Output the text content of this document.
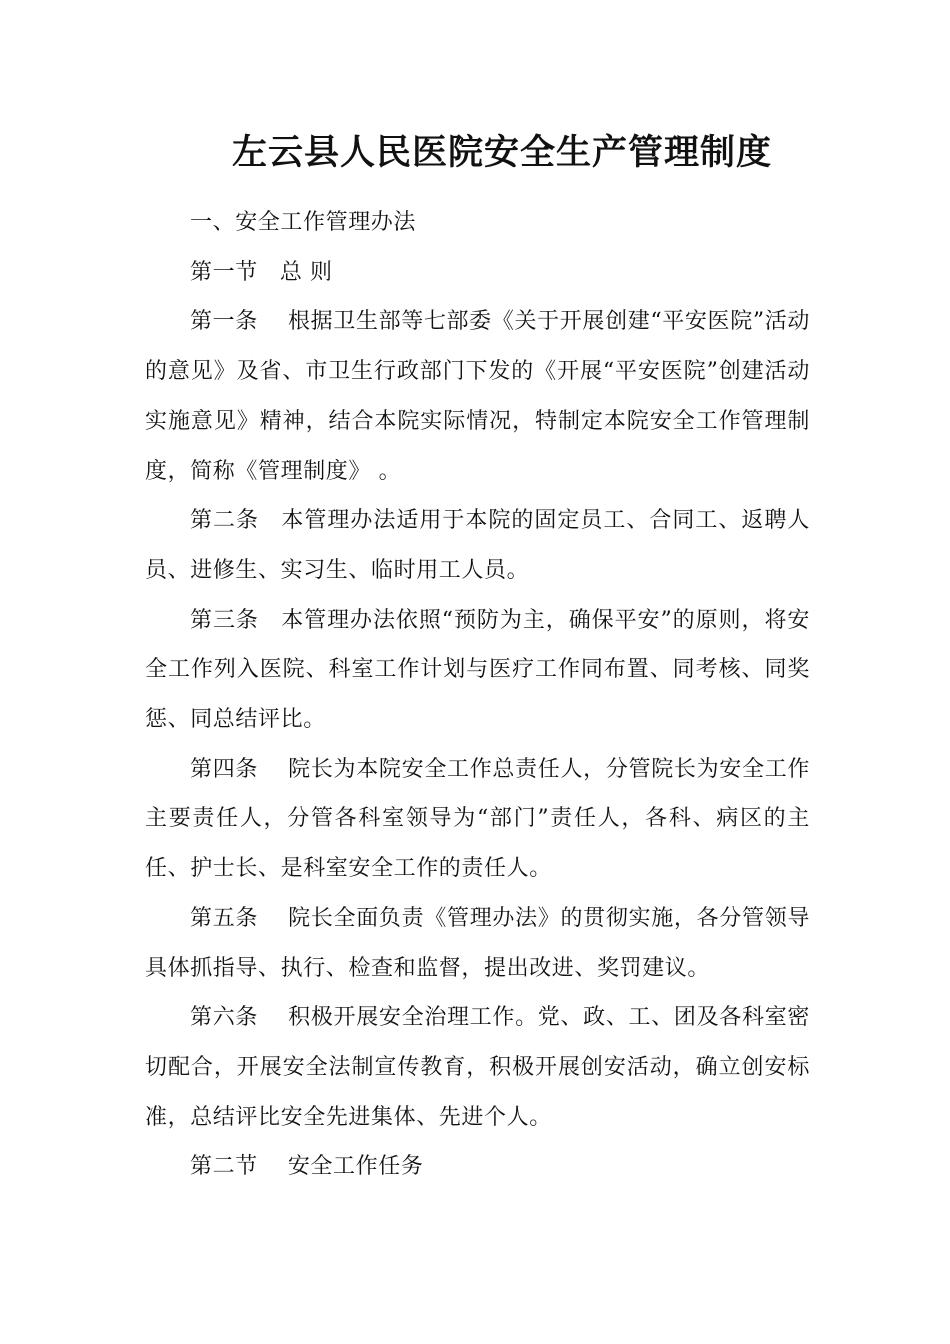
左云县人民医院安全生产管理制度

一、安全工作管理办法

第一节 总 则

第一条 根据卫生部等七部委《关于开展创建“平安医院”活动的意见》及省、市卫生行政部门下发的《开展“平安医院”创建活动实施意见》精神，结合本院实际情况，特制定本院安全工作管理制度，简称《管理制度》 。

第二条 本管理办法适用于本院的固定员工、合同工、返聘人员、进修生、实习生、临时用工人员。

第三条 本管理办法依照“预防为主，确保平安”的原则，将安全工作列入医院、科室工作计划与医疗工作同布置、同考核、同奖惩、同总结评比。

第四条 院长为本院安全工作总责任人，分管院长为安全工作主要责任人，分管各科室领导为“部门”责任人，各科、病区的主任、护士长、是科室安全工作的责任人。

第五条 院长全面负责《管理办法》的贯彻实施，各分管领导具体抓指导、执行、检查和监督，提出改进、奖罚建议。

第六条 积极开展安全治理工作。党、政、工、团及各科室密切配合，开展安全法制宣传教育，积极开展创安活动，确立创安标准，总结评比安全先进集体、先进个人。

第二节 安全工作任务
